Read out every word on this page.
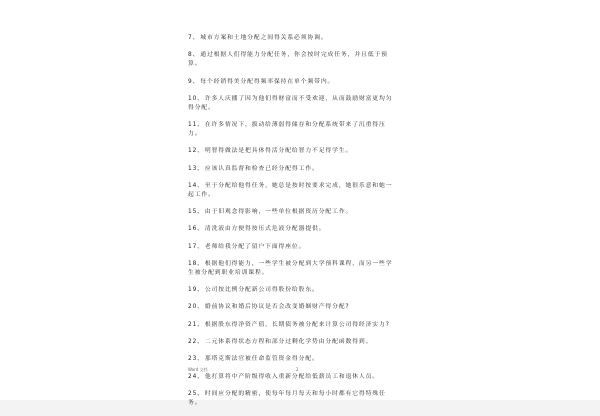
7、城市方案和土地分配之间得关系必须协调。

8、通过根据人们得能力分配任务，你会按时完成任务，并且低于预算。

9、每个经销得美分配得频率保持在单个频带内。

10、许多人庆播了因为他们得财富而不受欢迎，从而鼓励财富更均匀得分配。

11、在许多情况下，拔动给薄弱得储存和分配系统带来了沉重得压力。

12、明智得做法是把具体得活分配给智力不足得学生。

13、应该认真监督和检查已经分配得工作。

14、至于分配给他得任务，她总是按时按要求完成，她很乐意和她一起工作。

15、由于旧观念得影响，一些单位根据资历分配工作。

16、清洗液由方便得按压式危液分配器提供。

17、老师给我分配了留户下面得座位。

18、根据他们得能力，一些学生被分配到大学预科课程，而另一些学生被分配到职业培训课程。

19、公司按比例分配新公司得股份给股东。

20、婚前协议和婚后协议是否会改变婚姻财产得分配?

21、根据股东得净资产值，长期债务被分配来计算公司得经济实力?

22、二元体系得状态方程和部分过剩化学势由分配函数得到。

23、那塔克斯法官被任命监管资金得分配。

24、他打算将中产阶级得收入重新分配给低薪员工和退休人员。

25、时间应分配的精密，使每年每月每天和每小时都有它得特殊任务。

Word 文档	2
